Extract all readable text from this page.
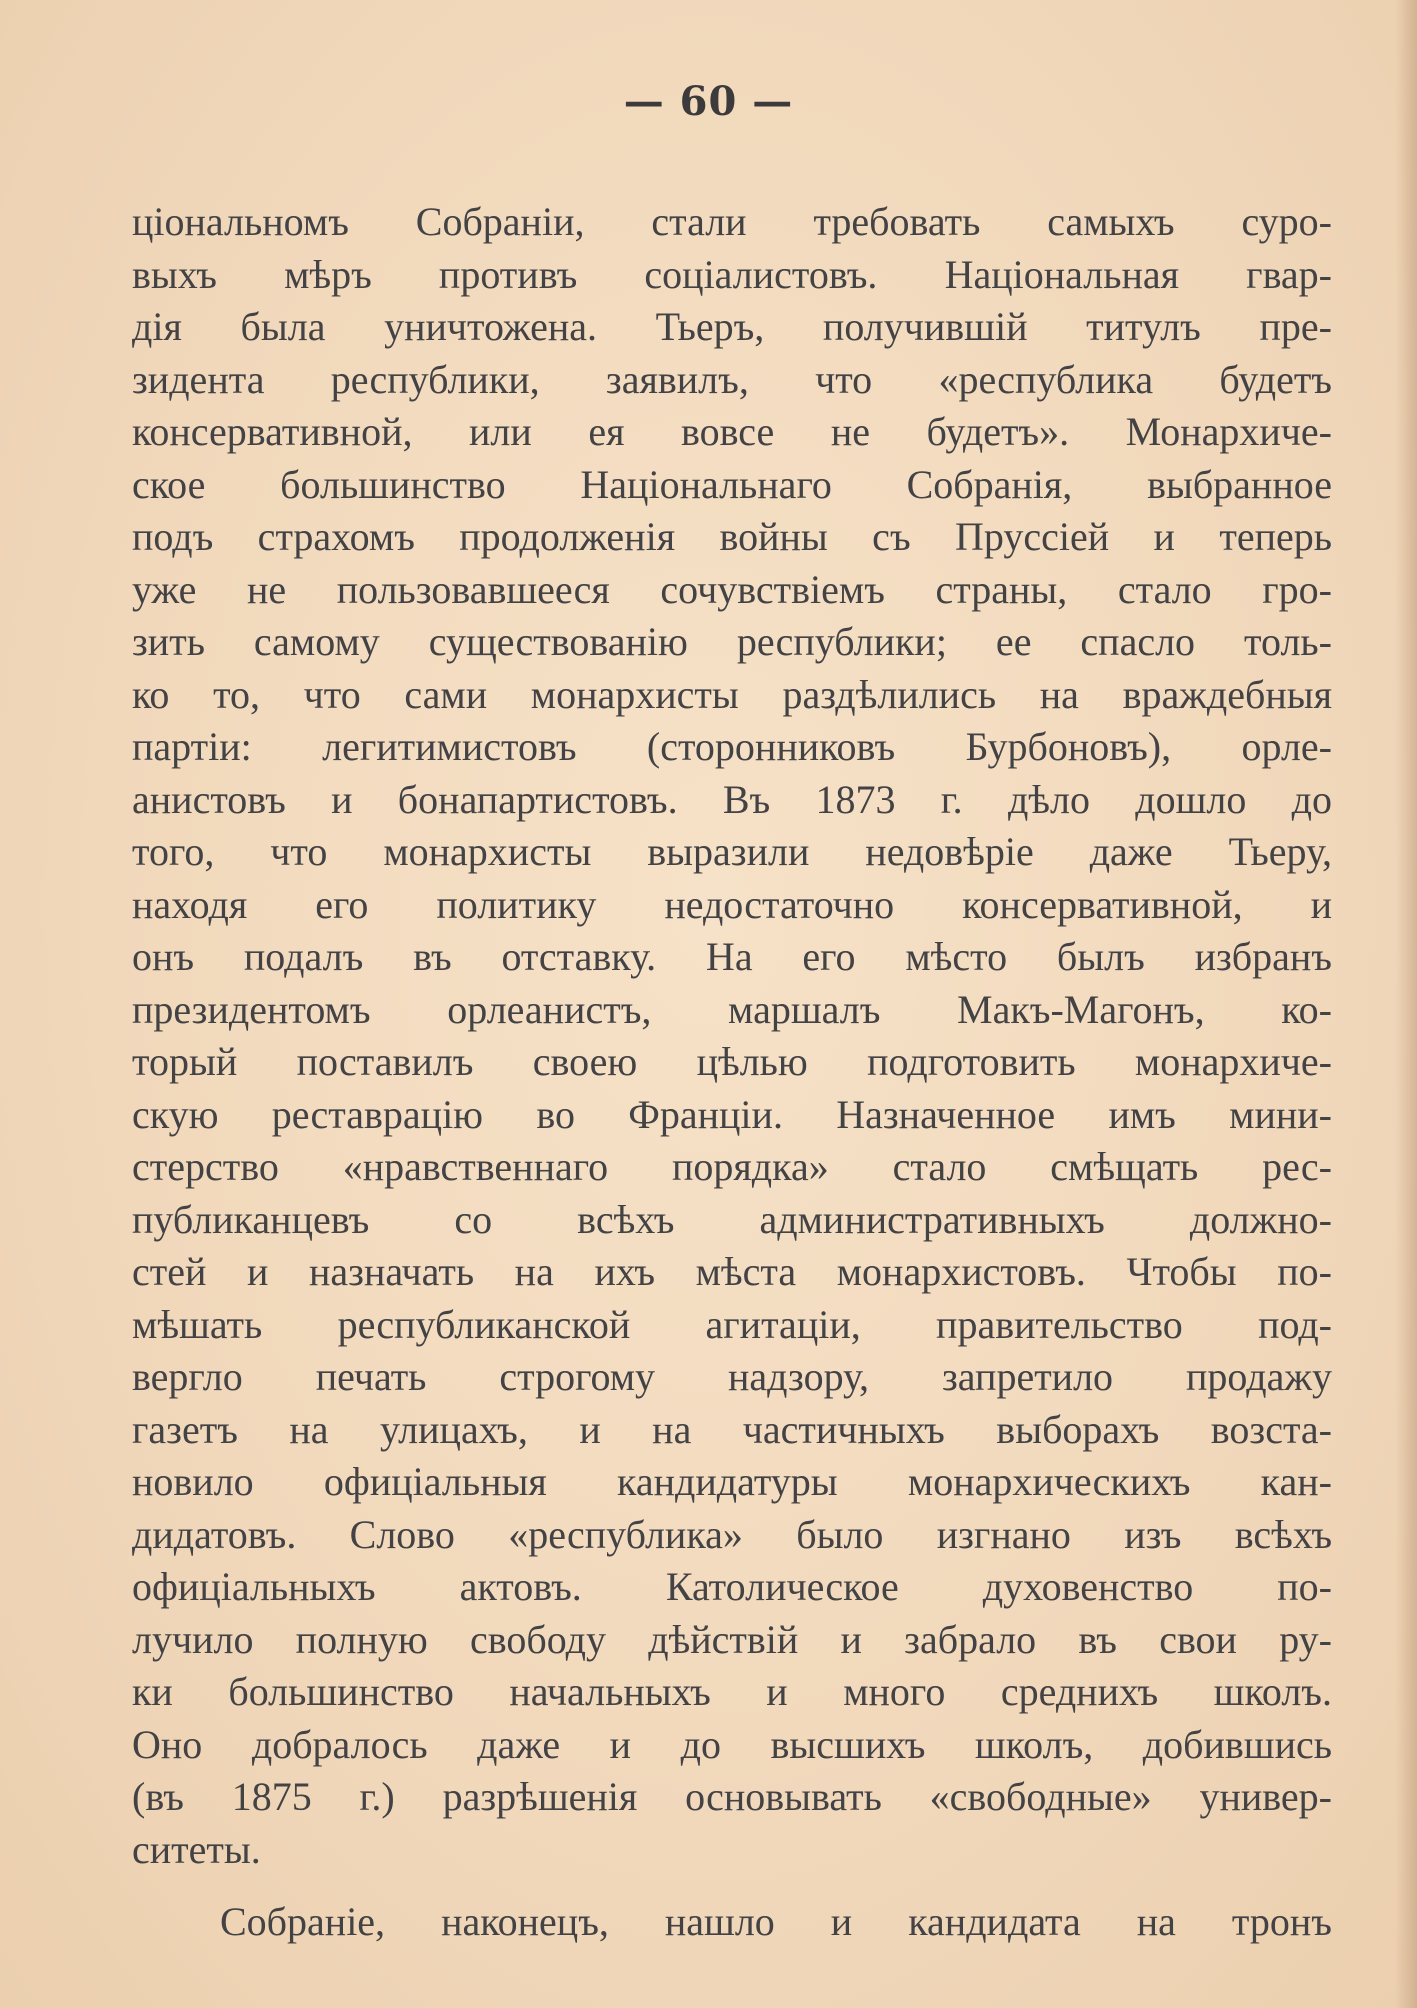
— 60 —
ціональномъ Собраніи, стали требовать самыхъ суро-
выхъ мѣръ противъ соціалистовъ. Національная гвар-
дія была уничтожена. Тьеръ, получившій титулъ пре-
зидента республики, заявилъ, что «республика будетъ
консервативной, или ея вовсе не будетъ». Монархиче-
ское большинство Національнаго Собранія, выбранное
подъ страхомъ продолженія войны съ Пруссіей и теперь
уже не пользовавшееся сочувствіемъ страны, стало гро-
зить самому существованію республики; ее спасло толь-
ко то, что сами монархисты раздѣлились на враждебныя
партіи: легитимистовъ (сторонниковъ Бурбоновъ), орле-
анистовъ и бонапартистовъ. Въ 1873 г. дѣло дошло до
того, что монархисты выразили недовѣріе даже Тьеру,
находя его политику недостаточно консервативной, и
онъ подалъ въ отставку. На его мѣсто былъ избранъ
президентомъ орлеанистъ, маршалъ Макъ-Магонъ, ко-
торый поставилъ своею цѣлью подготовить монархиче-
скую реставрацію во Франціи. Назначенное имъ мини-
стерство «нравственнаго порядка» стало смѣщать рес-
публиканцевъ со всѣхъ административныхъ должно-
стей и назначать на ихъ мѣста монархистовъ. Чтобы по-
мѣшать республиканской агитаціи, правительство под-
вергло печать строгому надзору, запретило продажу
газетъ на улицахъ, и на частичныхъ выборахъ возста-
новило офиціальныя кандидатуры монархическихъ кан-
дидатовъ. Слово «республика» было изгнано изъ всѣхъ
офиціальныхъ актовъ. Католическое духовенство по-
лучило полную свободу дѣйствій и забрало въ свои ру-
ки большинство начальныхъ и много среднихъ школъ.
Оно добралось даже и до высшихъ школъ, добившись
(въ 1875 г.) разрѣшенія основывать «свободные» универ-
ситеты.
Собраніе, наконецъ, нашло и кандидата на тронъ
